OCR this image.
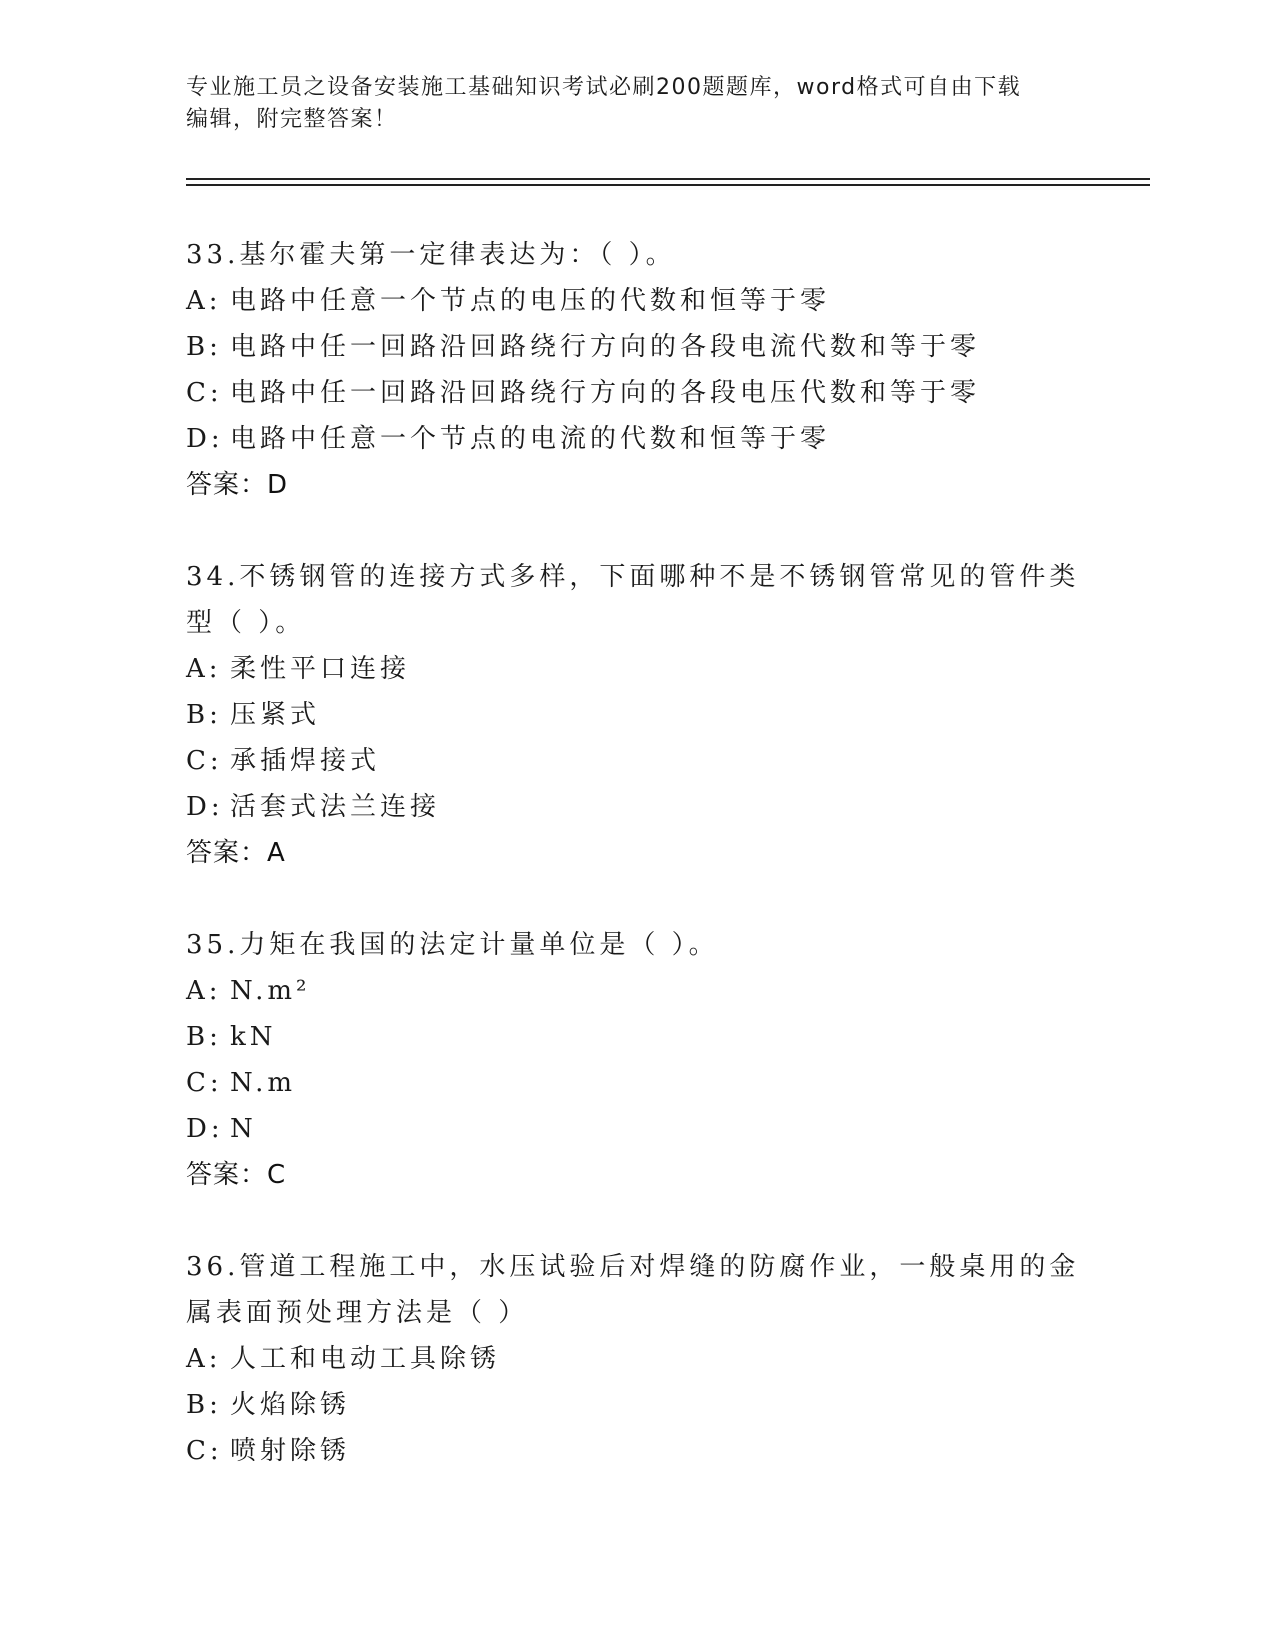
专业施工员之设备安装施工基础知识考试必刷200题题库，word格式可自由下载
编辑，附完整答案！
33.基尔霍夫第一定律表达为：（ ）。
A: 电路中任意一个节点的电压的代数和恒等于零
B: 电路中任一回路沿回路绕行方向的各段电流代数和等于零
C: 电路中任一回路沿回路绕行方向的各段电压代数和等于零
D: 电路中任意一个节点的电流的代数和恒等于零
答案：D
34.不锈钢管的连接方式多样，下面哪种不是不锈钢管常见的管件类型（ ）。
A: 柔性平口连接
B: 压紧式
C: 承插焊接式
D: 活套式法兰连接
答案：A
35.力矩在我国的法定计量单位是（ ）。
A: N.m²
B: kN
C: N.m
D: N
答案：C
36.管道工程施工中，水压试验后对焊缝的防腐作业，一般桌用的金属表面预处理方法是（ ）
A: 人工和电动工具除锈
B: 火焰除锈
C: 喷射除锈
